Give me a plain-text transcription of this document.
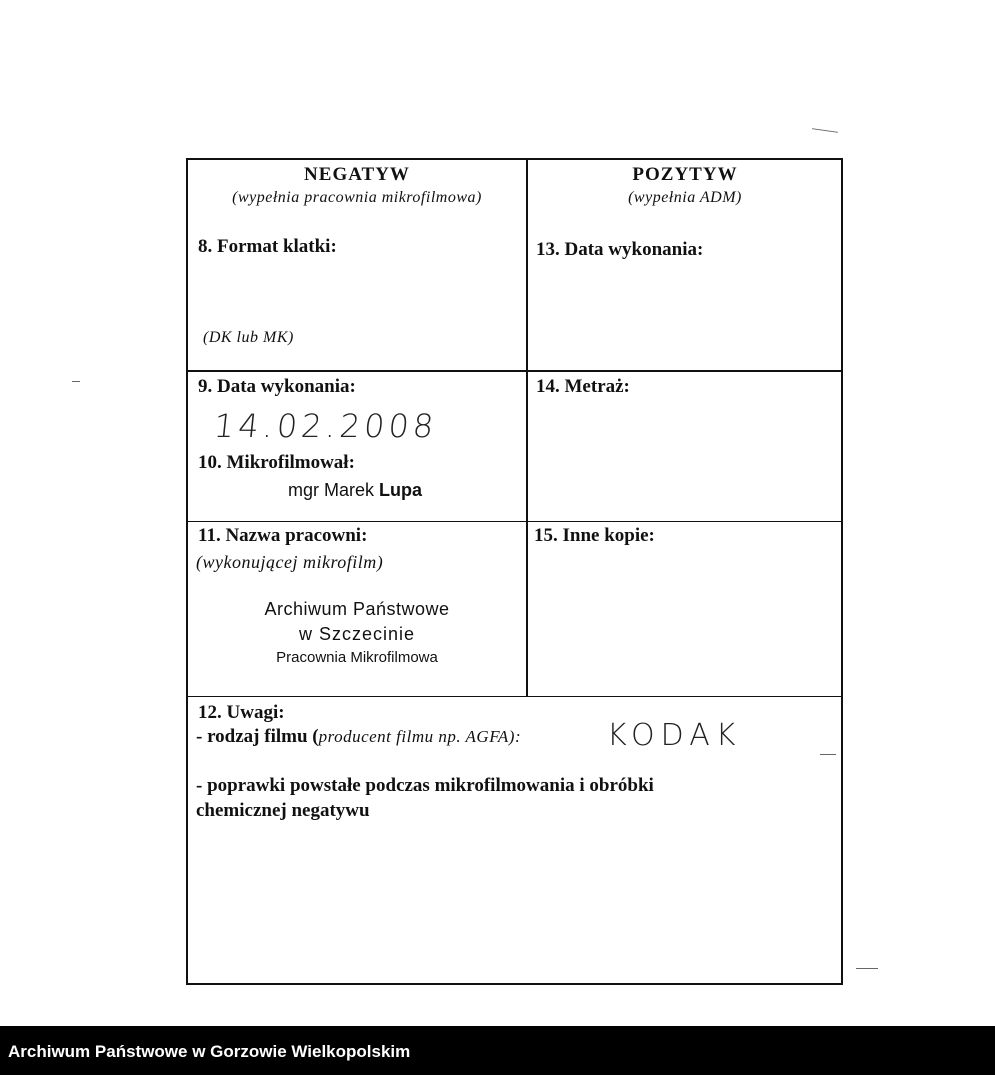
NEGATYW
(wypełnia pracownia mikrofilmowa)
POZYTYW
(wypełnia ADM)
8. Format klatki:
(DK lub MK)
13. Data wykonania:
9. Data wykonania:
14.02.2008
10. Mikrofilmował:
mgr Marek Lupa
14. Metraż:
11. Nazwa pracowni:
(wykonującej mikrofilm)
Archiwum Państwowe
w Szczecinie
Pracownia Mikrofilmowa
15. Inne kopie:
12. Uwagi:
- rodzaj filmu (producent filmu np. AGFA):	KODAK
- poprawki powstałe podczas mikrofilmowania i obróbki
chemicznej negatywu
Archiwum Państwowe w Gorzowie Wielkopolskim
